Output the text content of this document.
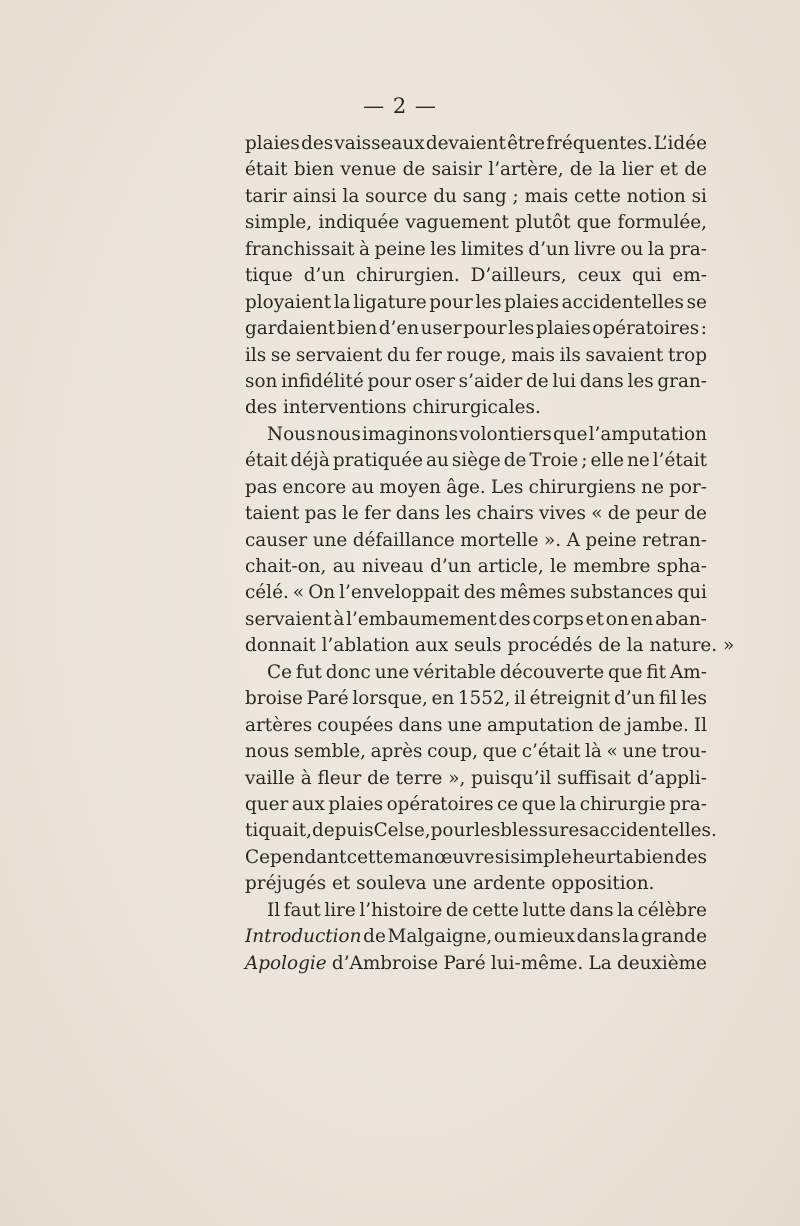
— 2 —
plaies des vaisseaux devaient être fréquentes. L’idée
était bien venue de saisir l’artère, de la lier et de
tarir ainsi la source du sang ; mais cette notion si
simple, indiquée vaguement plutôt que formulée,
franchissait à peine les limites d’un livre ou la pra-
tique d’un chirurgien. D’ailleurs, ceux qui em-
ployaient la ligature pour les plaies accidentelles se
gardaient bien d’en user pour les plaies opératoires :
ils se servaient du fer rouge, mais ils savaient trop
son infidélité pour oser s’aider de lui dans les gran-
des interventions chirurgicales.
Nous nous imaginons volontiers que l’amputation
était déjà pratiquée au siège de Troie ; elle ne l’était
pas encore au moyen âge. Les chirurgiens ne por-
taient pas le fer dans les chairs vives « de peur de
causer une défaillance mortelle ». A peine retran-
chait-on, au niveau d’un article, le membre spha-
célé. « On l’enveloppait des mêmes substances qui
servaient à l’embaumement des corps et on en aban-
donnait l’ablation aux seuls procédés de la nature. »
Ce fut donc une véritable découverte que fit Am-
broise Paré lorsque, en 1552, il étreignit d’un fil les
artères coupées dans une amputation de jambe. Il
nous semble, après coup, que c’était là « une trou-
vaille à fleur de terre », puisqu’il suffisait d’appli-
quer aux plaies opératoires ce que la chirurgie pra-
tiquait, depuis Celse, pour les blessures accidentelles.
Cependant cette manœuvre si simple heurta bien des
préjugés et souleva une ardente opposition.
Il faut lire l’histoire de cette lutte dans la célèbre
Introduction de Malgaigne, ou mieux dans la grande
Apologie d’Ambroise Paré lui-même. La deuxième
